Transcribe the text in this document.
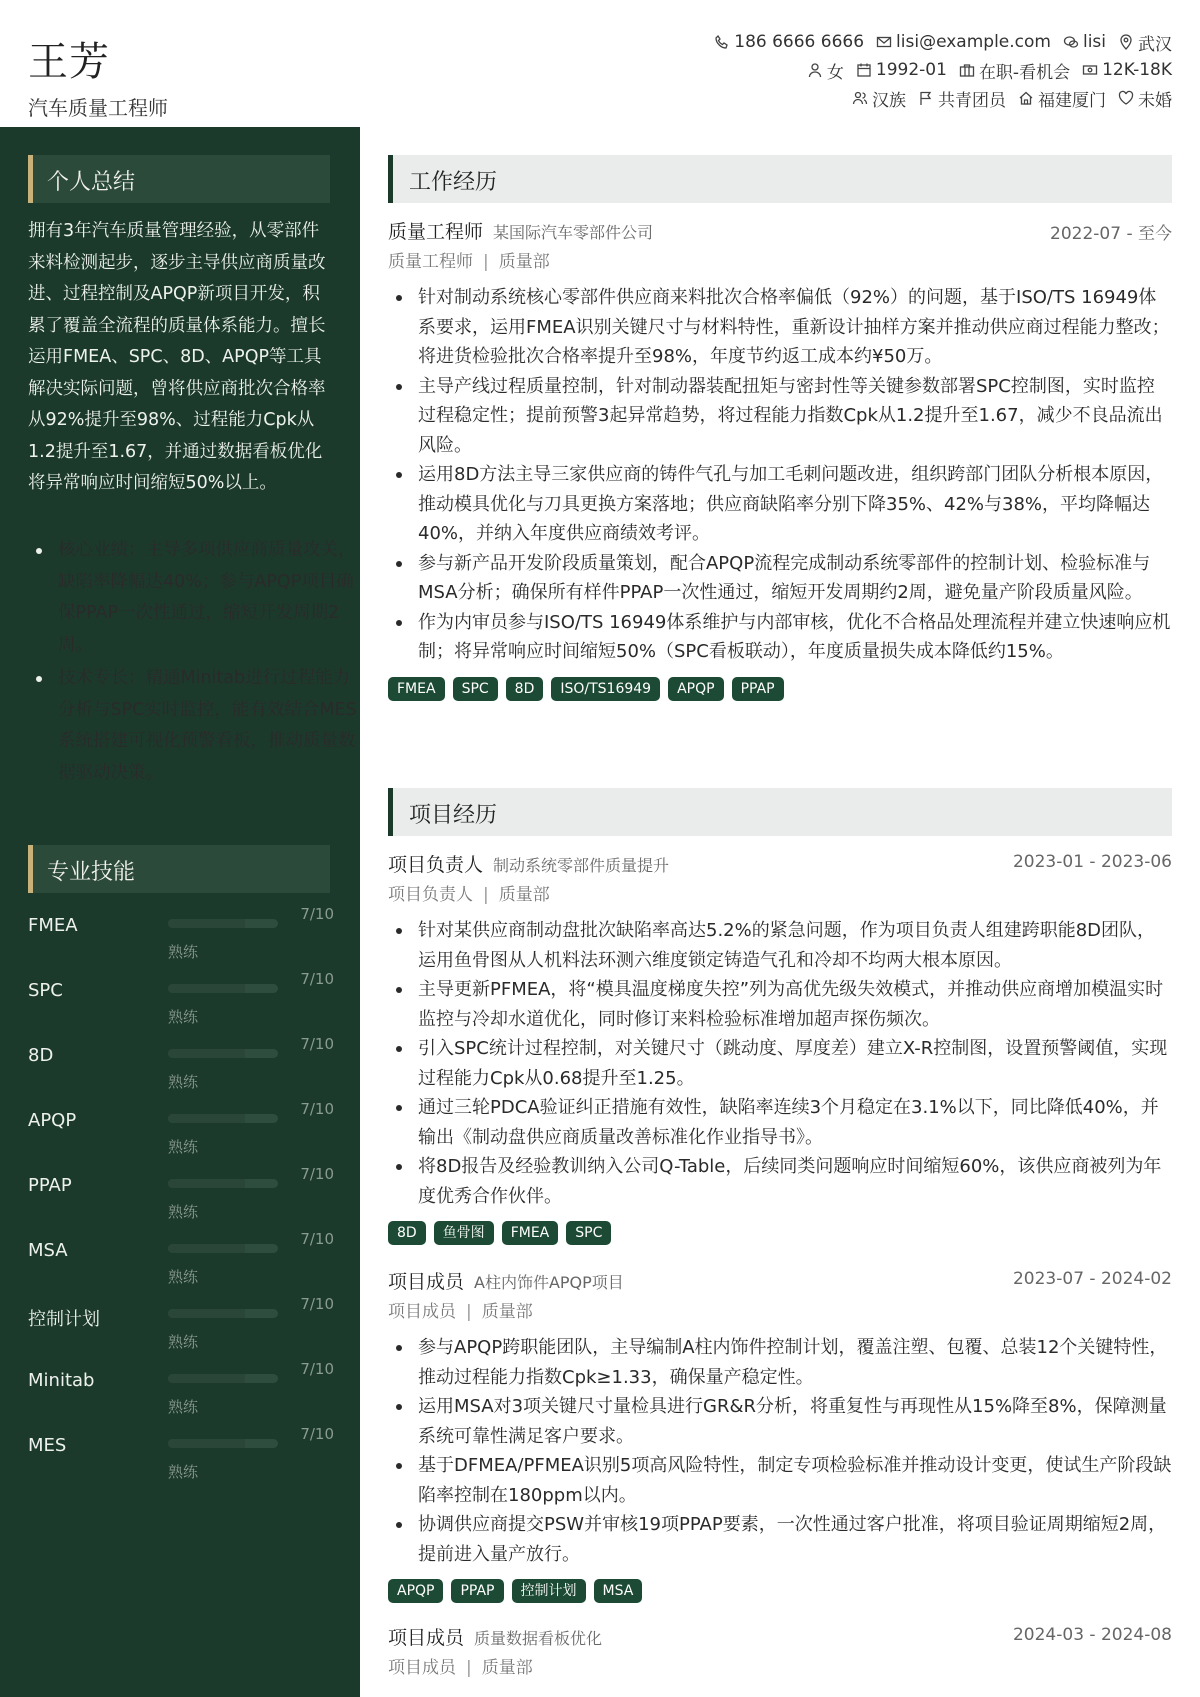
王芳
汽车质量工程师
186 6666 6666 lisi@example.com lisi 武汉
女 1992-01 在职-看机会 12K-18K
汉族 共青团员 福建厦门 未婚
个人总结
拥有3年汽车质量管理经验，从零部件来料检测起步，逐步主导供应商质量改进、过程控制及APQP新项目开发，积累了覆盖全流程的质量体系能力。擅长运用FMEA、SPC、8D、APQP等工具解决实际问题，曾将供应商批次合格率从92%提升至98%、过程能力Cpk从1.2提升至1.67，并通过数据看板优化将异常响应时间缩短50%以上。
核心业绩：主导多项供应商质量攻关，缺陷率降幅达40%；参与APQP项目确保PPAP一次性通过，缩短开发周期2周。
技术专长：精通Minitab进行过程能力分析与SPC实时监控，能有效结合MES系统搭建可视化预警看板，推动质量数据驱动决策。
专业技能
FMEA
7/10
熟练
SPC
7/10
熟练
8D
7/10
熟练
APQP
7/10
熟练
PPAP
7/10
熟练
MSA
7/10
熟练
控制计划
7/10
熟练
Minitab
7/10
熟练
MES
7/10
熟练
工作经历
质量工程师 某国际汽车零部件公司	2022-07 - 至今
质量工程师 | 质量部
针对制动系统核心零部件供应商来料批次合格率偏低（92%）的问题，基于ISO/TS 16949体系要求，运用FMEA识别关键尺寸与材料特性，重新设计抽样方案并推动供应商过程能力整改；将进货检验批次合格率提升至98%，年度节约返工成本约¥50万。
主导产线过程质量控制，针对制动器装配扭矩与密封性等关键参数部署SPC控制图，实时监控过程稳定性；提前预警3起异常趋势，将过程能力指数Cpk从1.2提升至1.67，减少不良品流出风险。
运用8D方法主导三家供应商的铸件气孔与加工毛刺问题改进，组织跨部门团队分析根本原因，推动模具优化与刀具更换方案落地；供应商缺陷率分别下降35%、42%与38%，平均降幅达40%，并纳入年度供应商绩效考评。
参与新产品开发阶段质量策划，配合APQP流程完成制动系统零部件的控制计划、检验标准与MSA分析；确保所有样件PPAP一次性通过，缩短开发周期约2周，避免量产阶段质量风险。
作为内审员参与ISO/TS 16949体系维护与内部审核，优化不合格品处理流程并建立快速响应机制；将异常响应时间缩短50%（SPC看板联动），年度质量损失成本降低约15%。
FMEA	SPC	8D	ISO/TS16949	APQP	PPAP
项目经历
项目负责人 制动系统零部件质量提升	2023-01 - 2023-06
项目负责人 | 质量部
针对某供应商制动盘批次缺陷率高达5.2%的紧急问题，作为项目负责人组建跨职能8D团队，运用鱼骨图从人机料法环测六维度锁定铸造气孔和冷却不均两大根本原因。
主导更新PFMEA，将“模具温度梯度失控”列为高优先级失效模式，并推动供应商增加模温实时监控与冷却水道优化，同时修订来料检验标准增加超声探伤频次。
引入SPC统计过程控制，对关键尺寸（跳动度、厚度差）建立X-R控制图，设置预警阈值，实现过程能力Cpk从0.68提升至1.25。
通过三轮PDCA验证纠正措施有效性，缺陷率连续3个月稳定在3.1%以下，同比降低40%，并输出《制动盘供应商质量改善标准化作业指导书》。
将8D报告及经验教训纳入公司Q-Table，后续同类问题响应时间缩短60%，该供应商被列为年度优秀合作伙伴。
8D	鱼骨图	FMEA	SPC
项目成员 A柱内饰件APQP项目	2023-07 - 2024-02
项目成员 | 质量部
参与APQP跨职能团队，主导编制A柱内饰件控制计划，覆盖注塑、包覆、总装12个关键特性，推动过程能力指数Cpk≥1.33，确保量产稳定性。
运用MSA对3项关键尺寸量检具进行GR&R分析，将重复性与再现性从15%降至8%，保障测量系统可靠性满足客户要求。
基于DFMEA/PFMEA识别5项高风险特性，制定专项检验标准并推动设计变更，使试生产阶段缺陷率控制在180ppm以内。
协调供应商提交PSW并审核19项PPAP要素，一次性通过客户批准，将项目验证周期缩短2周，提前进入量产放行。
APQP	PPAP	控制计划	MSA
项目成员 质量数据看板优化	2024-03 - 2024-08
项目成员 | 质量部
